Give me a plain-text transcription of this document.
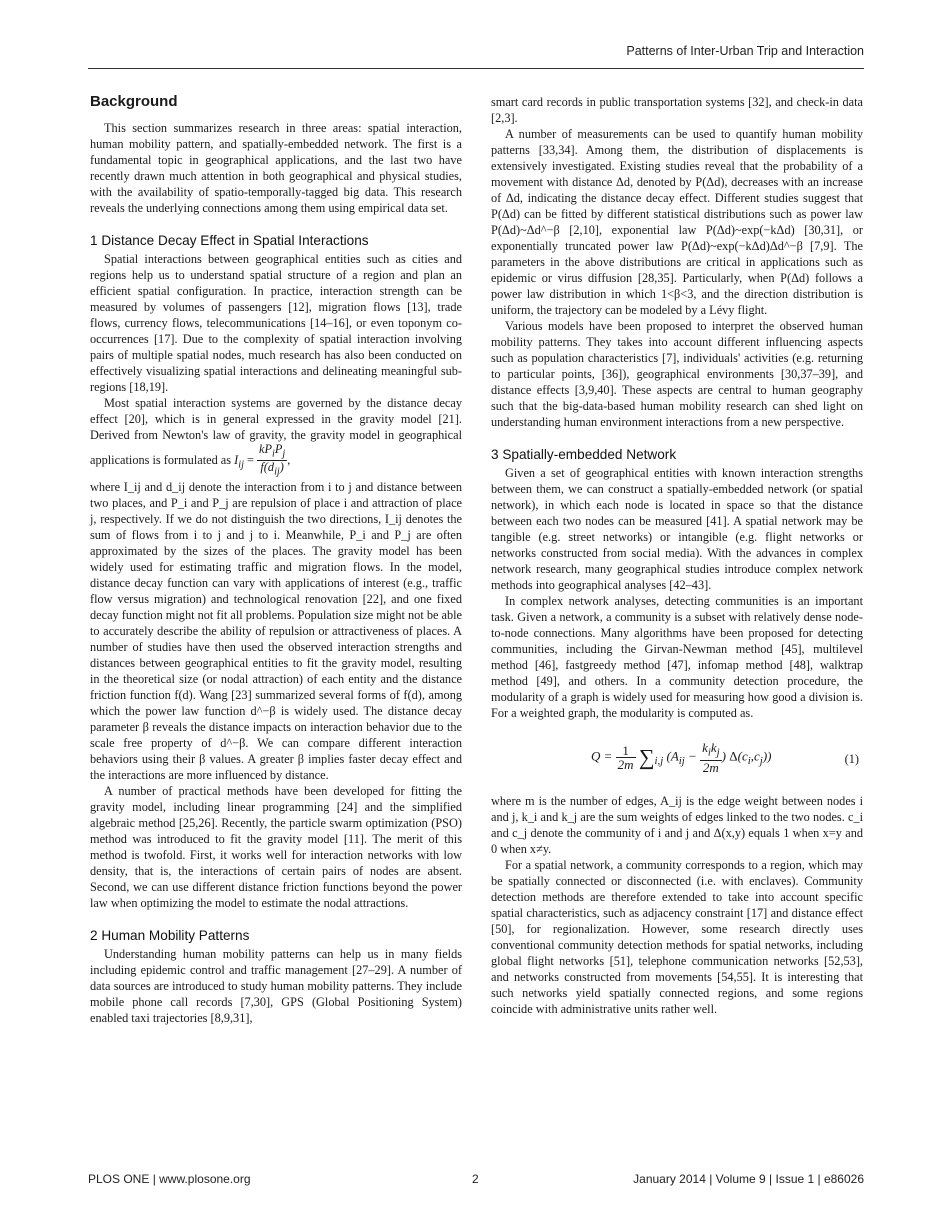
Patterns of Inter-Urban Trip and Interaction
Background

This section summarizes research in three areas: spatial interaction, human mobility pattern, and spatially-embedded network. The first is a fundamental topic in geographical applications, and the last two have recently drawn much attention in both geographical and physical studies, with the availability of spatio-temporally-tagged big data. This research reveals the underlying connections among them using empirical data set.

1 Distance Decay Effect in Spatial Interactions

Spatial interactions between geographical entities such as cities and regions help us to understand spatial structure of a region and plan an efficient spatial configuration. In practice, interaction strength can be measured by volumes of passengers [12], migration flows [13], trade flows, currency flows, telecommunications [14–16], or even toponym co-occurrences [17]. Due to the complexity of spatial interaction involving pairs of multiple spatial nodes, much research has also been conducted on effectively visualizing spatial interactions and delineating meaningful sub-regions [18,19].

Most spatial interaction systems are governed by the distance decay effect [20], which is in general expressed in the gravity model [21]. Derived from Newton's law of gravity, the gravity model in geographical applications is formulated as $I_{ij} = \frac{kP_iP_j}{f(d_{ij})}$ ,

where I_ij and d_ij denote the interaction from i to j and distance between two places, and P_i and P_j are repulsion of place i and attraction of place j, respectively. If we do not distinguish the two directions, I_ij denotes the sum of flows from i to j and j to i. Meanwhile, P_i and P_j are often approximated by the sizes of the places. The gravity model has been widely used for estimating traffic and migration flows. In the model, distance decay function can vary with applications of interest (e.g., traffic flow versus migration) and technological renovation [22], and one fixed decay function might not fit all problems. Population size might not be able to accurately describe the ability of repulsion or attractiveness of places. A number of studies have then used the observed interaction strengths and distances between geographical entities to fit the gravity model, resulting in the theoretical size (or nodal attraction) of each entity and the distance friction function f(d). Wang [23] summarized several forms of f(d), among which the power law function d^−β is widely used. The distance decay parameter β reveals the distance impacts on interaction behavior due to the scale free property of d^−β. We can compare different interaction behaviors using their β values. A greater β implies faster decay effect and the interactions are more influenced by distance.

A number of practical methods have been developed for fitting the gravity model, including linear programming [24] and the simplified algebraic method [25,26]. Recently, the particle swarm optimization (PSO) method was introduced to fit the gravity model [11]. The merit of this method is twofold. First, it works well for interaction networks with low density, that is, the interactions of certain pairs of nodes are absent. Second, we can use different distance friction functions beyond the power law when optimizing the model to estimate the nodal attractions.

2 Human Mobility Patterns

Understanding human mobility patterns can help us in many fields including epidemic control and traffic management [27–29]. A number of data sources are introduced to study human mobility patterns. They include mobile phone call records [7,30], GPS (Global Positioning System) enabled taxi trajectories [8,9,31],

smart card records in public transportation systems [32], and check-in data [2,3].

A number of measurements can be used to quantify human mobility patterns [33,34]. Among them, the distribution of displacements is extensively investigated. Existing studies reveal that the probability of a movement with distance Δd, denoted by P(Δd), decreases with an increase of Δd, indicating the distance decay effect. Different studies suggest that P(Δd) can be fitted by different statistical distributions such as power law P(Δd)~Δd^−β [2,10], exponential law P(Δd)~exp(−kΔd) [30,31], or exponentially truncated power law P(Δd)~exp(−kΔd)Δd^−β [7,9]. The parameters in the above distributions are critical in applications such as epidemic or virus diffusion [28,35]. Particularly, when P(Δd) follows a power law distribution in which 1<β<3, and the direction distribution is uniform, the trajectory can be modeled by a Lévy flight.

Various models have been proposed to interpret the observed human mobility patterns. They takes into account different influencing aspects such as population characteristics [7], individuals' activities (e.g. returning to particular points, [36]), geographical environments [30,37–39], and distance effects [3,9,40]. These aspects are central to human geography such that the big-data-based human mobility research can shed light on understanding human environment interactions from a new perspective.

3 Spatially-embedded Network

Given a set of geographical entities with known interaction strengths between them, we can construct a spatially-embedded network (or spatial network), in which each node is located in space so that the distance between each two nodes can be measured [41]. A spatial network may be tangible (e.g. street networks) or intangible (e.g. flight networks or networks constructed from social media). With the advances in complex network research, many geographical studies introduce complex network methods into geographical analyses [42–43].

In complex network analyses, detecting communities is an important task. Given a network, a community is a subset with relatively dense node-to-node connections. Many algorithms have been proposed for detecting communities, including the Girvan-Newman method [45], multilevel method [46], fastgreedy method [47], infomap method [48], walktrap method [49], and others. In a community detection procedure, the modularity of a graph is widely used for measuring how good a division is. For a weighted graph, the modularity is computed as.

$Q = \frac{1}{2m} \sum_{i,j}$ ($A_{ij} - \frac{k_ik_j}{2m}$ ) $\Delta(c_i,c_j)$)	(1)

where m is the number of edges, A_ij is the edge weight between nodes i and j, k_i and k_j are the sum weights of edges linked to the two nodes. c_i and c_j denote the community of i and j and Δ(x,y) equals 1 when x=y and 0 when x≠y.

For a spatial network, a community corresponds to a region, which may be spatially connected or disconnected (i.e. with enclaves). Community detection methods are therefore extended to take into account specific spatial characteristics, such as adjacency constraint [17] and distance effect [50], for regionalization. However, some research directly uses conventional community detection methods for spatial networks, including global flight networks [51], telephone communication networks [52,53], and networks constructed from movements [54,55]. It is interesting that such networks yield spatially connected regions, and some regions coincide with administrative units rather well.

PLOS ONE | www.plosone.org	2	January 2014 | Volume 9 | Issue 1 | e86026
